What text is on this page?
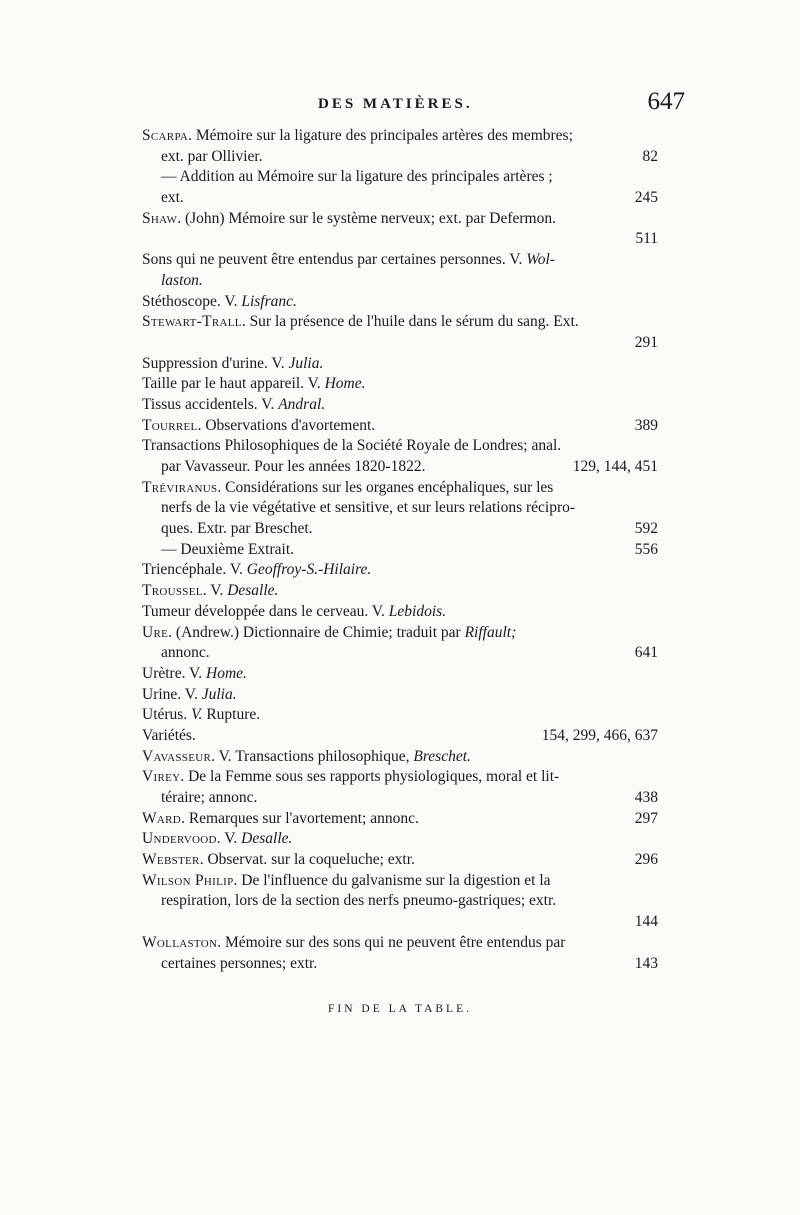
DES MATIÈRES.	647
Scarpa. Mémoire sur la ligature des principales artères des membres;
ext. par Ollivier.	82
— Addition au Mémoire sur la ligature des principales artères ;
ext.	245
Shaw. (John) Mémoire sur le système nerveux; ext. par Defermon.
511
Sons qui ne peuvent être entendus par certaines personnes. V. Wol-
laston.
Stéthoscope. V. Lisfranc.
Stewart-Trall. Sur la présence de l'huile dans le sérum du sang. Ext.
291
Suppression d'urine. V. Julia.
Taille par le haut appareil. V. Home.
Tissus accidentels. V. Andral.
Tourrel. Observations d'avortement.	389
Transactions Philosophiques de la Société Royale de Londres; anal.
par Vavasseur. Pour les années 1820-1822.	129, 144, 451
Tréviranus. Considérations sur les organes encéphaliques, sur les
nerfs de la vie végétative et sensitive, et sur leurs relations récipro-
ques. Extr. par Breschet.	592
— Deuxième Extrait.	556
Triencéphale. V. Geoffroy-S.-Hilaire.
Troussel. V. Desalle.
Tumeur développée dans le cerveau. V. Lebidois.
Ure. (Andrew.) Dictionnaire de Chimie; traduit par Riffault;
annonc.	641
Urètre. V. Home.
Urine. V. Julia.
Utérus. V. Rupture.
Variétés.	154, 299, 466, 637
Vavasseur. V. Transactions philosophique, Breschet.
Virey. De la Femme sous ses rapports physiologiques, moral et lit-
téraire; annonc.	438
Ward. Remarques sur l'avortement; annonc.	297
Undervood. V. Desalle.
Webster. Observat. sur la coqueluche; extr.	296
Wilson Philip. De l'influence du galvanisme sur la digestion et la
respiration, lors de la section des nerfs pneumo-gastriques; extr.
144
Wollaston. Mémoire sur des sons qui ne peuvent être entendus par
certaines personnes; extr.	143
FIN DE LA TABLE.
